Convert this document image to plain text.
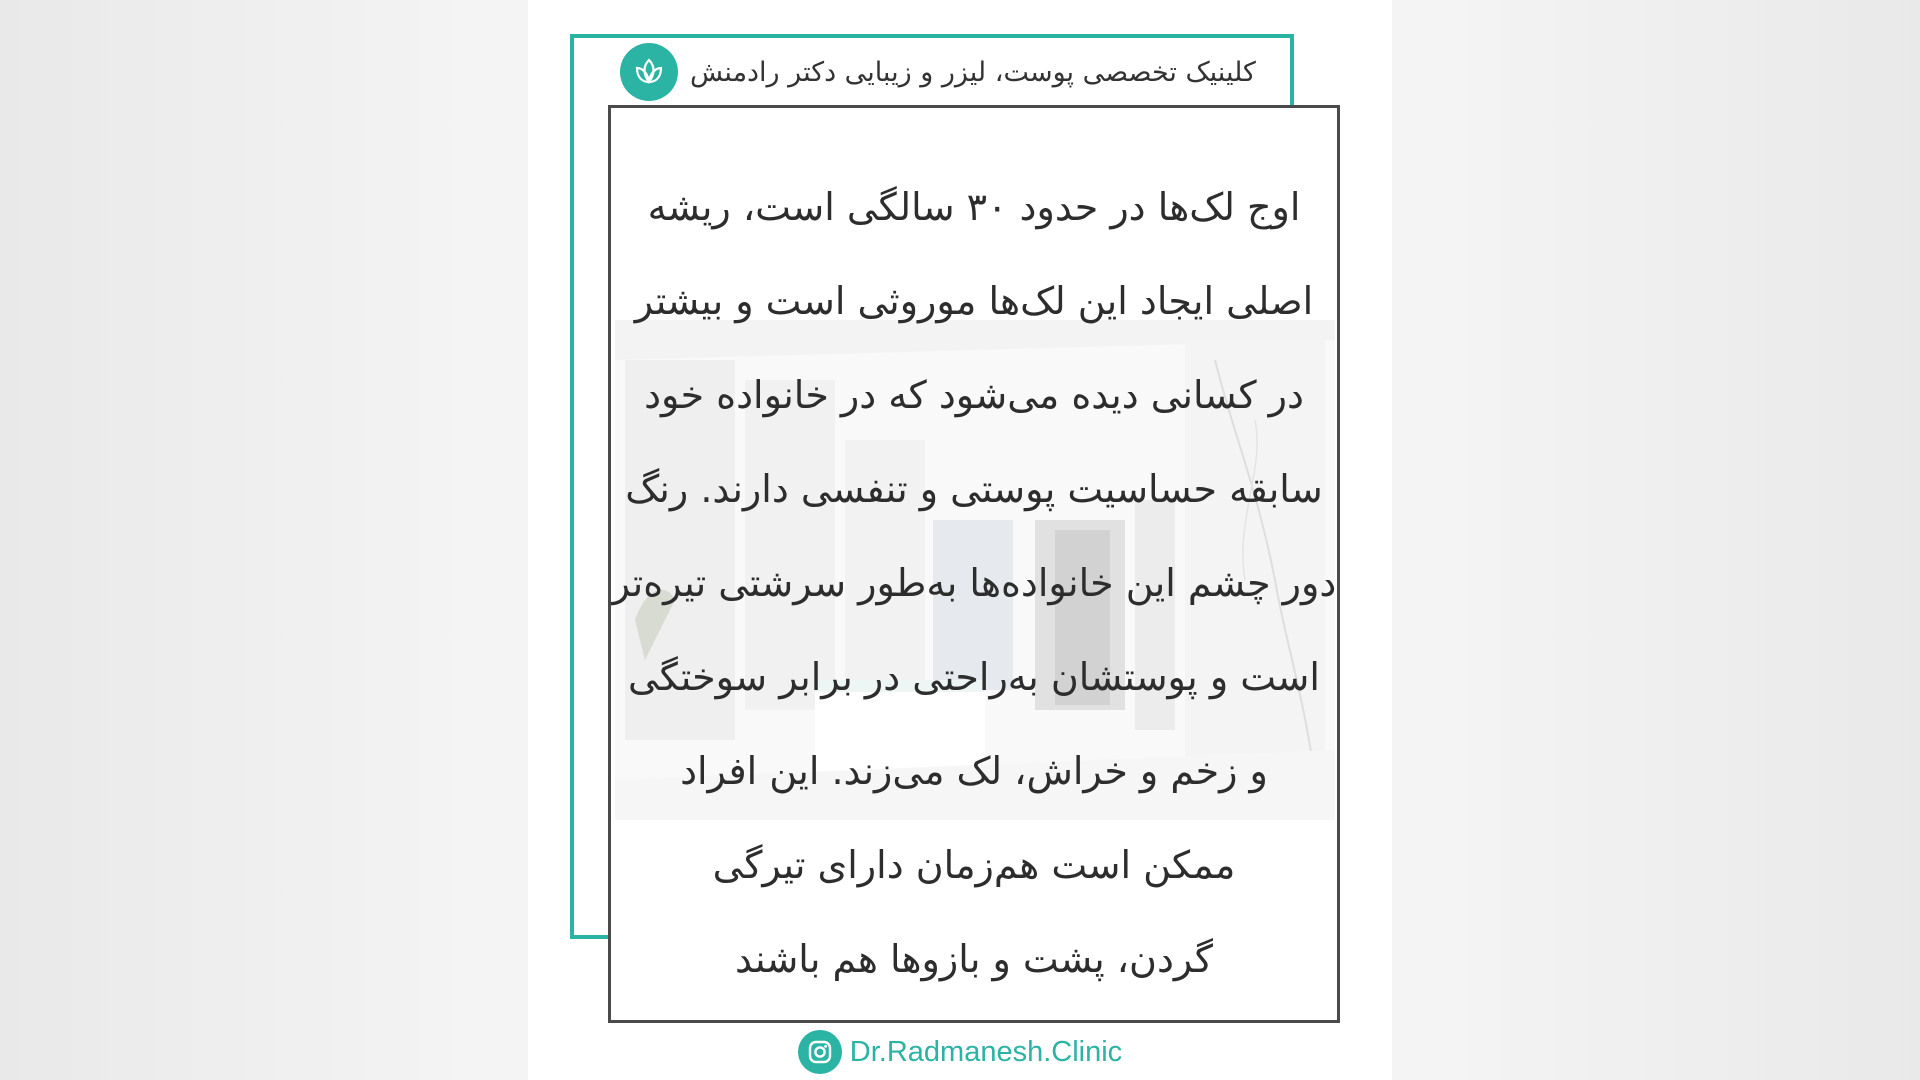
کلینیک تخصصی پوست، لیزر و زیبایی دکتر رادمنش
اوج لک‌ها در حدود ۳۰ سالگی است، ریشه
اصلی ایجاد این لک‌ها موروثی است و بیشتر
در کسانی دیده می‌شود که در خانواده خود
سابقه حساسیت پوستی و تنفسی دارند. رنگ
دور چشم این خانواده‌ها به‌طور سرشتی تیره‌تر
است و پوستشان به‌راحتی در برابر سوختگی
و زخم و خراش، لک می‌زند. این افراد
ممکن است هم‌زمان دارای تیرگی
گردن، پشت و بازوها هم باشند
Dr.Radmanesh.Clinic
